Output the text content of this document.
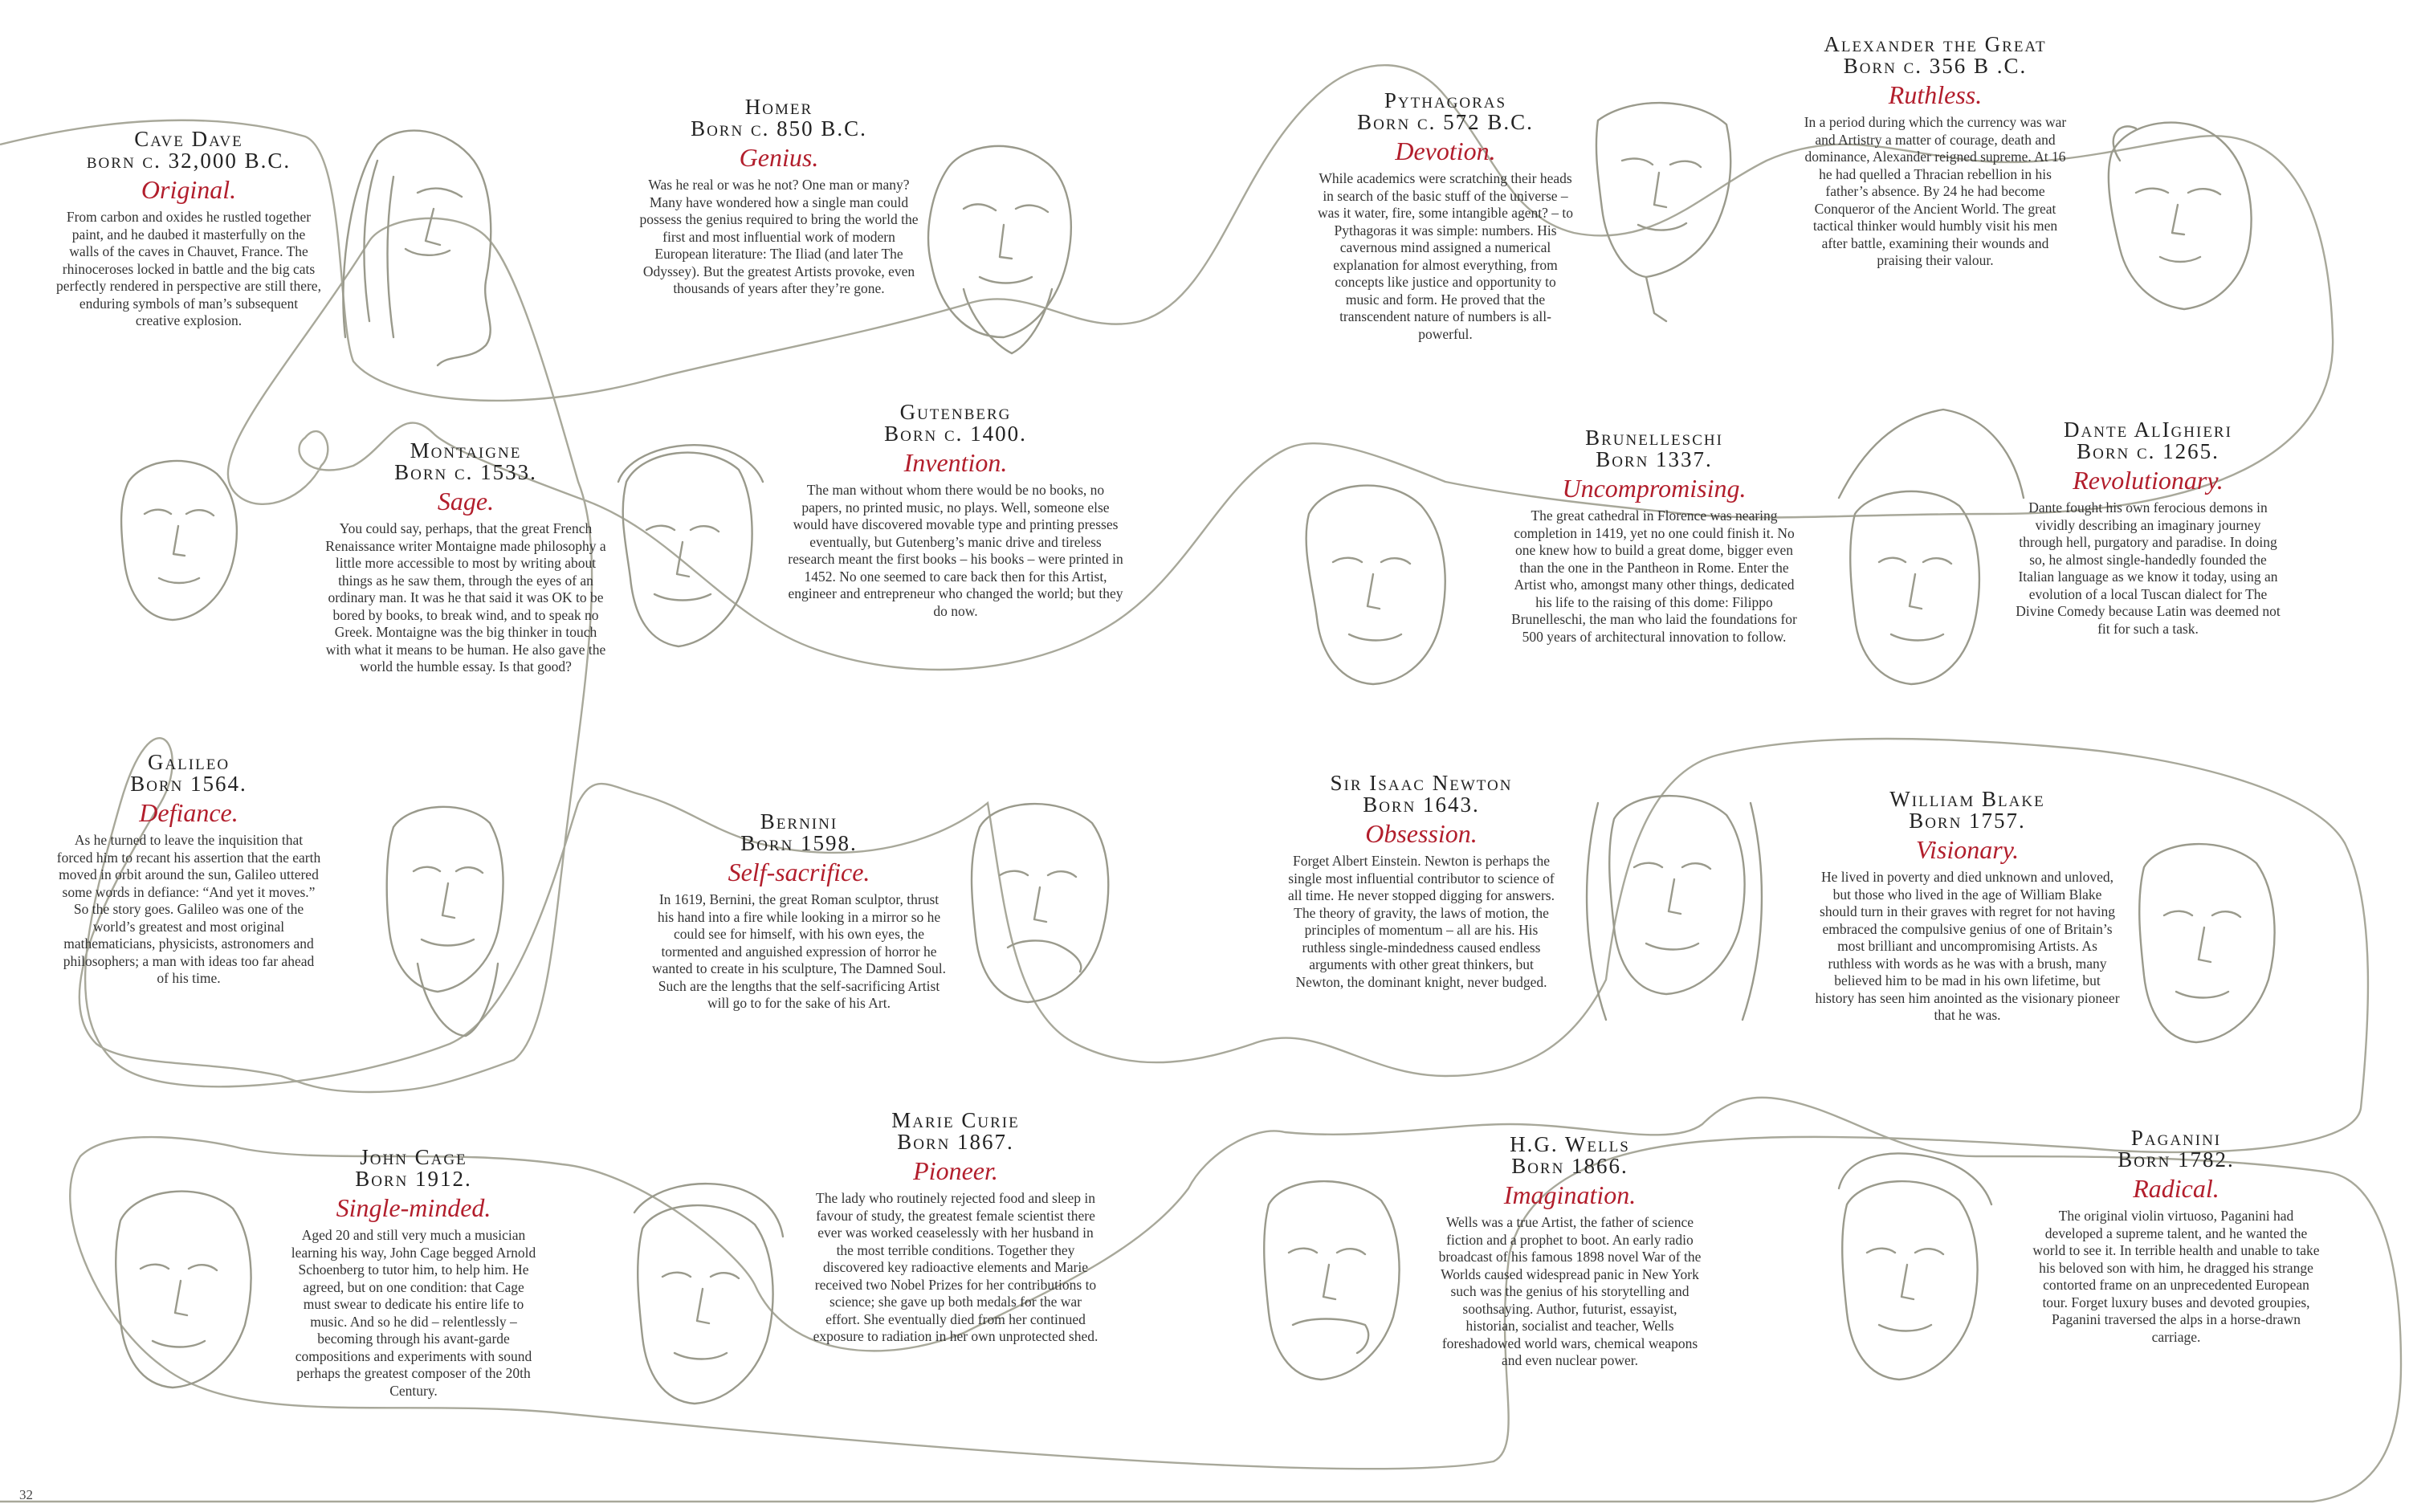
Cave Dave
born c. 32,000 B.C.
Original.
From carbon and oxides he rustled together paint, and he daubed it masterfully on the walls of the caves in Chauvet, France. The rhinoceroses locked in battle and the big cats perfectly rendered in perspective are still there, enduring symbols of man’s subsequent creative explosion.
Homer
Born c. 850 B.C.
Genius.
Was he real or was he not? One man or many? Many have wondered how a single man could possess the genius required to bring the world the first and most influential work of modern European literature: The Iliad (and later The Odyssey). But the greatest Artists provoke, even thousands of years after they’re gone.
Pythagoras
Born c. 572 B.C.
Devotion.
While academics were scratching their heads in search of the basic stuff of the universe – was it water, fire, some intangible agent? – to Pythagoras it was simple: numbers. His cavernous mind assigned a numerical explanation for almost everything, from concepts like justice and opportunity to music and form. He proved that the transcendent nature of numbers is all-powerful.
Alexander the Great
Born c. 356 B .C.
Ruthless.
In a period during which the currency was war and Artistry a matter of courage, death and dominance, Alexander reigned supreme. At 16 he had quelled a Thracian rebellion in his father’s absence. By 24 he had become Conqueror of the Ancient World. The great tactical thinker would humbly visit his men after battle, examining their wounds and praising their valour.
Montaigne
Born c. 1533.
Sage.
You could say, perhaps, that the great French Renaissance writer Montaigne made philosophy a little more accessible to most by writing about things as he saw them, through the eyes of an ordinary man. It was he that said it was OK to be bored by books, to break wind, and to speak no Greek. Montaigne was the big thinker in touch with what it means to be human. He also gave the world the humble essay. Is that good?
Gutenberg
Born c. 1400.
Invention.
The man without whom there would be no books, no papers, no printed music, no plays. Well, someone else would have discovered movable type and printing presses eventually, but Gutenberg’s manic drive and tireless research meant the first books – his books – were printed in 1452. No one seemed to care back then for this Artist, engineer and entrepreneur who changed the world; but they do now.
Brunelleschi
Born 1337.
Uncompromising.
The great cathedral in Florence was nearing completion in 1419, yet no one could finish it. No one knew how to build a great dome, bigger even than the one in the Pantheon in Rome. Enter the Artist who, amongst many other things, dedicated his life to the raising of this dome: Filippo Brunelleschi, the man who laid the foundations for 500 years of architectural innovation to follow.
Dante AlIghieri
Born c. 1265.
Revolutionary.
Dante fought his own ferocious demons in vividly describing an imaginary journey through hell, purgatory and paradise. In doing so, he almost single-handedly founded the Italian language as we know it today, using an evolution of a local Tuscan dialect for The Divine Comedy because Latin was deemed not fit for such a task.
Galileo
Born 1564.
Defiance.
As he turned to leave the inquisition that forced him to recant his assertion that the earth moved in orbit around the sun, Galileo uttered some words in defiance: “And yet it moves.” So the story goes. Galileo was one of the world’s greatest and most original mathematicians, physicists, astronomers and philosophers; a man with ideas too far ahead of his time.
Bernini
Born 1598.
Self-sacrifice.
In 1619, Bernini, the great Roman sculptor, thrust his hand into a fire while looking in a mirror so he could see for himself, with his own eyes, the tormented and anguished expression of horror he wanted to create in his sculpture, The Damned Soul. Such are the lengths that the self-sacrificing Artist will go to for the sake of his Art.
Sir Isaac Newton
Born 1643.
Obsession.
Forget Albert Einstein. Newton is perhaps the single most influential contributor to science of all time. He never stopped digging for answers. The theory of gravity, the laws of motion, the principles of momentum – all are his. His ruthless single-mindedness caused endless arguments with other great thinkers, but Newton, the dominant knight, never budged.
William Blake
Born 1757.
Visionary.
He lived in poverty and died unknown and unloved, but those who lived in the age of William Blake should turn in their graves with regret for not having embraced the compulsive genius of one of Britain’s most brilliant and uncompromising Artists. As ruthless with words as he was with a brush, many believed him to be mad in his own lifetime, but history has seen him anointed as the visionary pioneer that he was.
John Cage
Born 1912.
Single-minded.
Aged 20 and still very much a musician learning his way, John Cage begged Arnold Schoenberg to tutor him, to help him. He agreed, but on one condition: that Cage must swear to dedicate his entire life to music. And so he did – relentlessly – becoming through his avant-garde compositions and experiments with sound perhaps the greatest composer of the 20th Century.
Marie Curie
Born 1867.
Pioneer.
The lady who routinely rejected food and sleep in favour of study, the greatest female scientist there ever was worked ceaselessly with her husband in the most terrible conditions. Together they discovered key radioactive elements and Marie received two Nobel Prizes for her contributions to science; she gave up both medals for the war effort. She eventually died from her continued exposure to radiation in her own unprotected shed.
H.G. Wells
Born 1866.
Imagination.
Wells was a true Artist, the father of science fiction and a prophet to boot. An early radio broadcast of his famous 1898 novel War of the Worlds caused widespread panic in New York such was the genius of his storytelling and soothsaying. Author, futurist, essayist, historian, socialist and teacher, Wells foreshadowed world wars, chemical weapons and even nuclear power.
Paganini
Born 1782.
Radical.
The original violin virtuoso, Paganini had developed a supreme talent, and he wanted the world to see it. In terrible health and unable to take his beloved son with him, he dragged his strange contorted frame on an unprecedented European tour. Forget luxury buses and devoted groupies, Paganini traversed the alps in a horse-drawn carriage.
32
